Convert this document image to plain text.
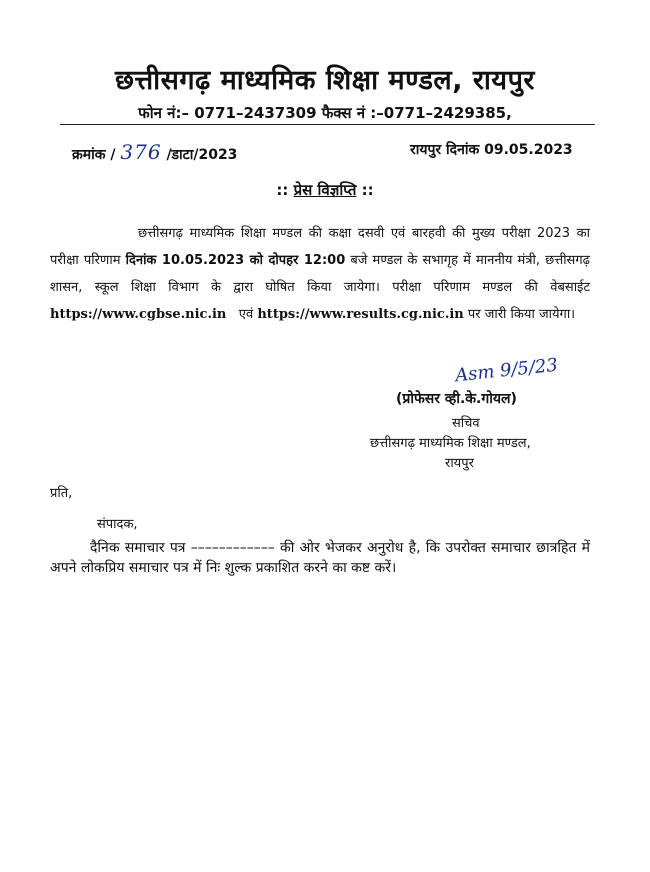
छत्तीसगढ़ माध्यमिक शिक्षा मण्डल, रायपुर
फोन नं:– 0771–2437309 फैक्स नं :–0771–2429385,
क्रमांक / 376 /डाटा/2023	रायपुर दिनांक 09.05.2023
:: प्रेस विज्ञप्ति ::
छत्तीसगढ़ माध्यमिक शिक्षा मण्डल की कक्षा दसवी एवं बारहवी की मुख्य परीक्षा 2023 का परीक्षा परिणाम दिनांक 10.05.2023 को दोपहर 12:00 बजे मण्डल के सभागृह में माननीय मंत्री, छत्तीसगढ़ शासन, स्कूल शिक्षा विभाग के द्वारा घोषित किया जायेगा। परीक्षा परिणाम मण्डल की वेबसाईट https://www.cgbse.nic.in एवं https://www.results.cg.nic.in पर जारी किया जायेगा।
Asm 9/5/23
(प्रोफेसर व्ही.के.गोयल)
सचिव
छत्तीसगढ़ माध्यमिक शिक्षा मण्डल,
रायपुर
प्रति,
संपादक,
दैनिक समाचार पत्र –––––––––––– की ओर भेजकर अनुरोध है, कि उपरोक्त समाचार छात्रहित में अपने लोकप्रिय समाचार पत्र में निः शुल्क प्रकाशित करने का कष्ट करें।
